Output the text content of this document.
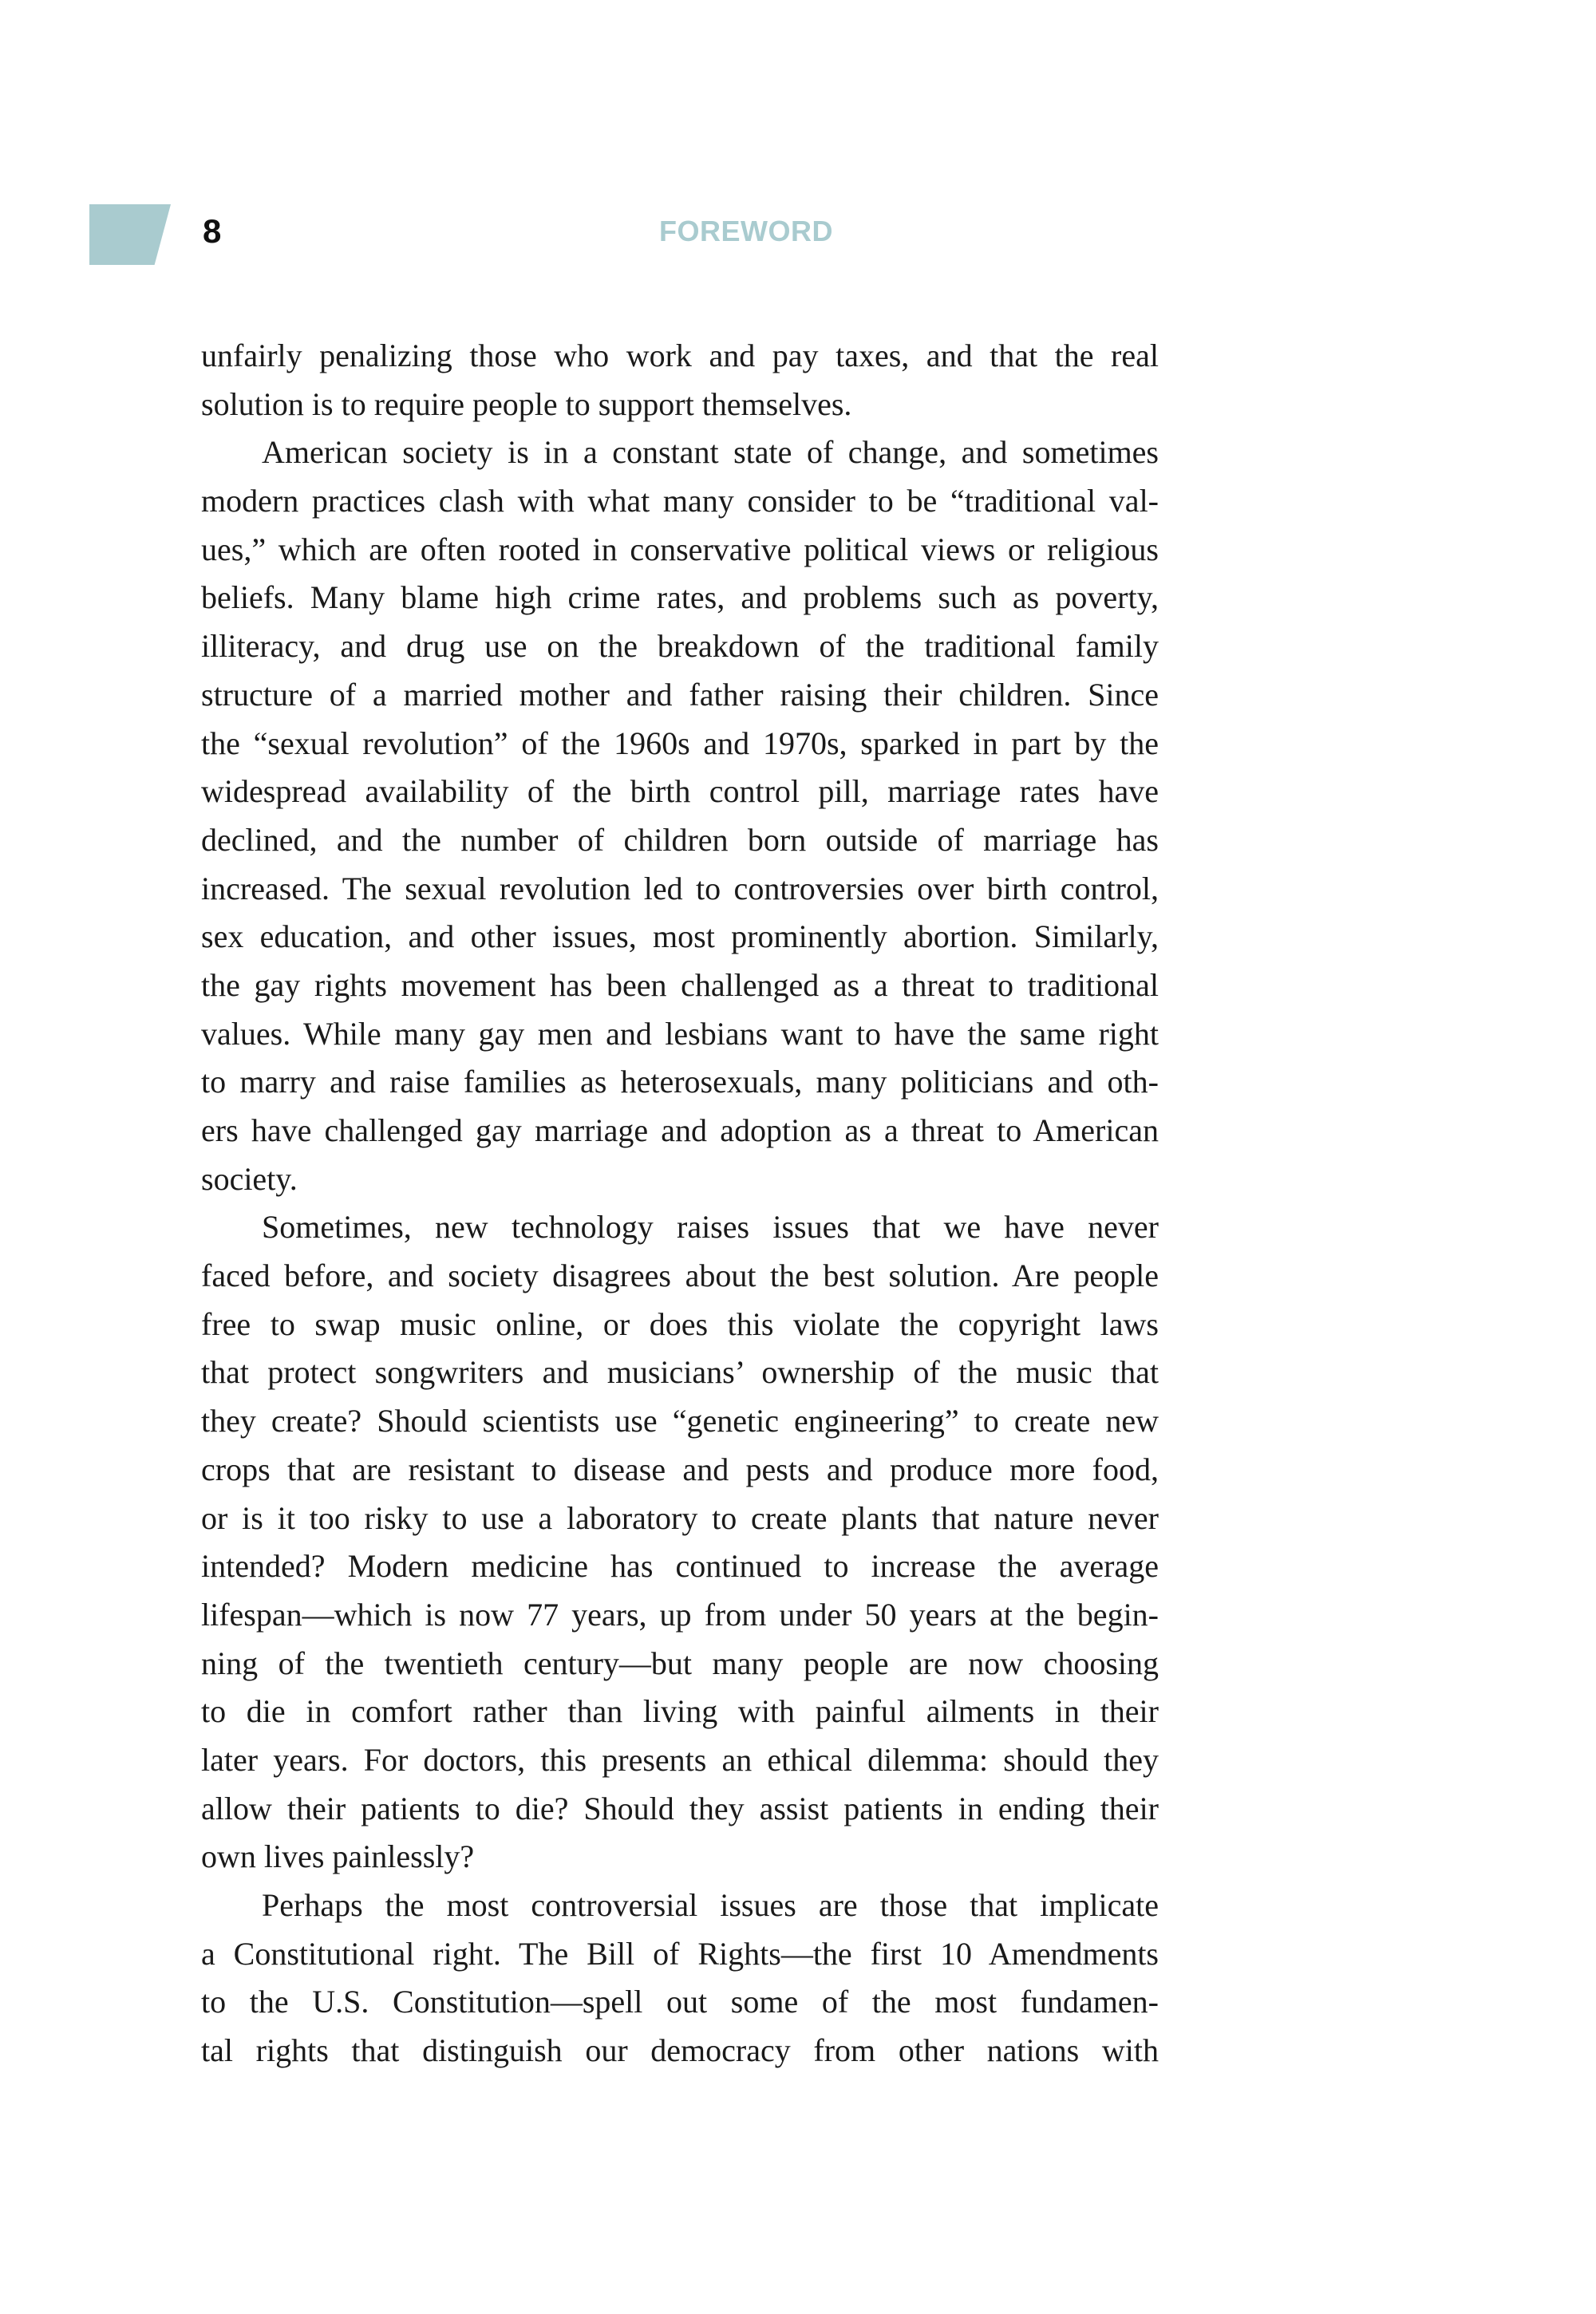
8	FOREWORD
unfairly penalizing those who work and pay taxes, and that the real
solution is to require people to support themselves.
American society is in a constant state of change, and sometimes
modern practices clash with what many consider to be “traditional val-
ues,” which are often rooted in conservative political views or religious
beliefs. Many blame high crime rates, and problems such as poverty,
illiteracy, and drug use on the breakdown of the traditional family
structure of a married mother and father raising their children. Since
the “sexual revolution” of the 1960s and 1970s, sparked in part by the
widespread availability of the birth control pill, marriage rates have
declined, and the number of children born outside of marriage has
increased. The sexual revolution led to controversies over birth control,
sex education, and other issues, most prominently abortion. Similarly,
the gay rights movement has been challenged as a threat to traditional
values. While many gay men and lesbians want to have the same right
to marry and raise families as heterosexuals, many politicians and oth-
ers have challenged gay marriage and adoption as a threat to American
society.
Sometimes, new technology raises issues that we have never
faced before, and society disagrees about the best solution. Are people
free to swap music online, or does this violate the copyright laws
that protect songwriters and musicians’ ownership of the music that
they create? Should scientists use “genetic engineering” to create new
crops that are resistant to disease and pests and produce more food,
or is it too risky to use a laboratory to create plants that nature never
intended? Modern medicine has continued to increase the average
lifespan—which is now 77 years, up from under 50 years at the begin-
ning of the twentieth century—but many people are now choosing
to die in comfort rather than living with painful ailments in their
later years. For doctors, this presents an ethical dilemma: should they
allow their patients to die? Should they assist patients in ending their
own lives painlessly?
Perhaps the most controversial issues are those that implicate
a Constitutional right. The Bill of Rights—the first 10 Amendments
to the U.S. Constitution—spell out some of the most fundamen-
tal rights that distinguish our democracy from other nations with
